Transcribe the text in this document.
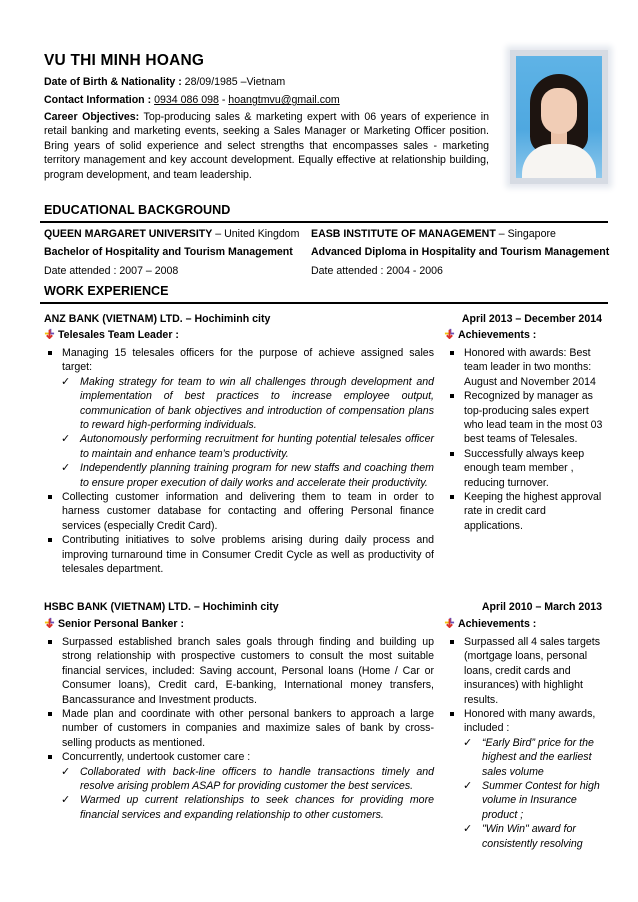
VU THI MINH HOANG
Date of Birth & Nationality : 28/09/1985 –Vietnam
Contact Information : 0934 086 098 - hoangtmvu@gmail.com
Career Objectives: Top-producing sales & marketing expert with 06 years of experience in retail banking and marketing events, seeking a Sales Manager or Marketing Officer position. Bring years of solid experience and select strengths that encompasses sales - marketing territory management and key account development. Equally effective at relationship building, program development, and team leadership.
EDUCATIONAL BACKGROUND
QUEEN MARGARET UNIVERSITY – United Kingdom
Bachelor of Hospitality and Tourism Management
Date attended : 2007 – 2008
EASB INSTITUTE OF MANAGEMENT – Singapore
Advanced Diploma in Hospitality and Tourism Management
Date attended : 2004 - 2006
WORK EXPERIENCE
ANZ BANK (VIETNAM) LTD. – Hochiminh city	April 2013 – December 2014
Telesales Team Leader :	Achievements :
Managing 15 telesales officers for the purpose of achieve assigned sales target:
✓ Making strategy for team to win all challenges through development and implementation of best practices to increase employee output, communication of bank objectives and introduction of compensation plans to reward high-performing individuals.
✓ Autonomously performing recruitment for hunting potential telesales officer to maintain and enhance team’s productivity.
✓ Independently planning training program for new staffs and coaching them to ensure proper execution of daily works and accelerate their productivity.
Collecting customer information and delivering them to team in order to harness customer database for contacting and offering Personal finance services (especially Credit Card).
Contributing initiatives to solve problems arising during daily process and improving turnaround time in Consumer Credit Cycle as well as productivity of telesales department.
Honored with awards: Best team leader in two months: August and November 2014
Recognized by manager as top-producing sales expert who lead team in the most 03 best teams of Telesales.
Successfully always keep enough team member , reducing turnover.
Keeping the highest approval rate in credit card applications.
HSBC BANK (VIETNAM) LTD. – Hochiminh city	April 2010 – March 2013
Senior Personal Banker :	Achievements :
Surpassed established branch sales goals through finding and building up strong relationship with prospective customers to consult the most suitable financial services, included: Saving account, Personal loans (Home / Car or Consumer loans), Credit card, E-banking, International money transfers, Bancassurance and Investment products.
Made plan and coordinate with other personal bankers to approach a large number of customers in companies and maximize sales of bank by cross-selling products as mentioned.
Concurrently, undertook customer care :
✓ Collaborated with back-line officers to handle transactions timely and resolve arising problem ASAP for providing customer the best services.
✓ Warmed up current relationships to seek chances for providing more financial services and expanding relationship to other customers.
Surpassed all 4 sales targets (mortgage loans, personal loans, credit cards and insurances) with highlight results.
Honored with many awards, included :
✓ “Early Bird” price for the highest and the earliest sales volume
✓ Summer Contest for high volume in Insurance product ;
✓ "Win Win" award for consistently resolving
